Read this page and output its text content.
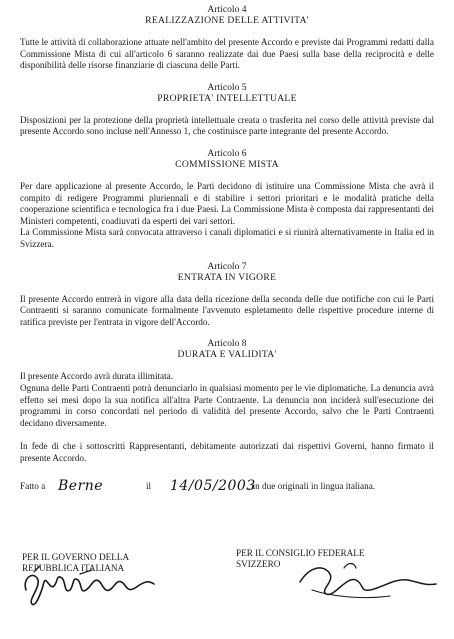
Articolo 4

REALIZZAZIONE DELLE ATTIVITA'

Tutte le attività di collaborazione attuate nell'ambito del presente Accordo e previste dai Programmi redatti dalla Commissione Mista di cui all'articolo 6 saranno realizzate dai due Paesi sulla base della reciprocità e delle disponibilità delle risorse finanziarie di ciascuna delle Parti.

Articolo 5

PROPRIETA' INTELLETTUALE

Disposizioni per la protezione della proprietà intellettuale creata o trasferita nel corso delle attività previste dal presente Accordo sono incluse nell'Annesso 1, che costituisce parte integrante del presente Accordo.

Articolo 6

COMMISSIONE MISTA

Per dare applicazione al presente Accordo, le Parti decidono di istituire una Commissione Mista che avrà il compito di redigere Programmi pluriennali e di stabilire i settori prioritari e le modalità pratiche della cooperazione scientifica e tecnologica fra i due Paesi. La Commissione Mista è composta dai rappresentanti dei Ministeri competenti, coadiuvati da esperti dei vari settori.

La Commissione Mista sarà convocata attraverso i canali diplomatici e si riunirà alternativamente in Italia ed in Svizzera.

Articolo 7

ENTRATA IN VIGORE

Il presente Accordo entrerà in vigore alla data della ricezione della seconda delle due notifiche con cui le Parti Contraenti si saranno comunicate formalmente l'avvenuto espletamento delle rispettive procedure interne di ratifica previste per l'entrata in vigore dell'Accordo.

Articolo 8

DURATA E VALIDITA'

Il presente Accordo avrà durata illimitata.

Ognuna delle Parti Contraenti potrà denunciarlo in qualsiasi momento per le vie diplomatiche. La denuncia avrà effetto sei mesi dopo la sua notifica all'altra Parte Contraente. La denuncia non inciderà sull'esecuzione dei programmi in corso concordati nel periodo di validità del presente Accordo, salvo che le Parti Contraenti decidano diversamente.

In fede di che i sottoscritti Rappresentanti, debitamente autorizzati dai rispettivi Governi, hanno firmato il presente Accordo.

Fatto a Berne	il 14/05/2003
, in due originali in lingua italiana.
PER IL GOVERNO DELLA
REPUBBLICA ITALIANA
PER IL CONSIGLIO FEDERALE
SVIZZERO
